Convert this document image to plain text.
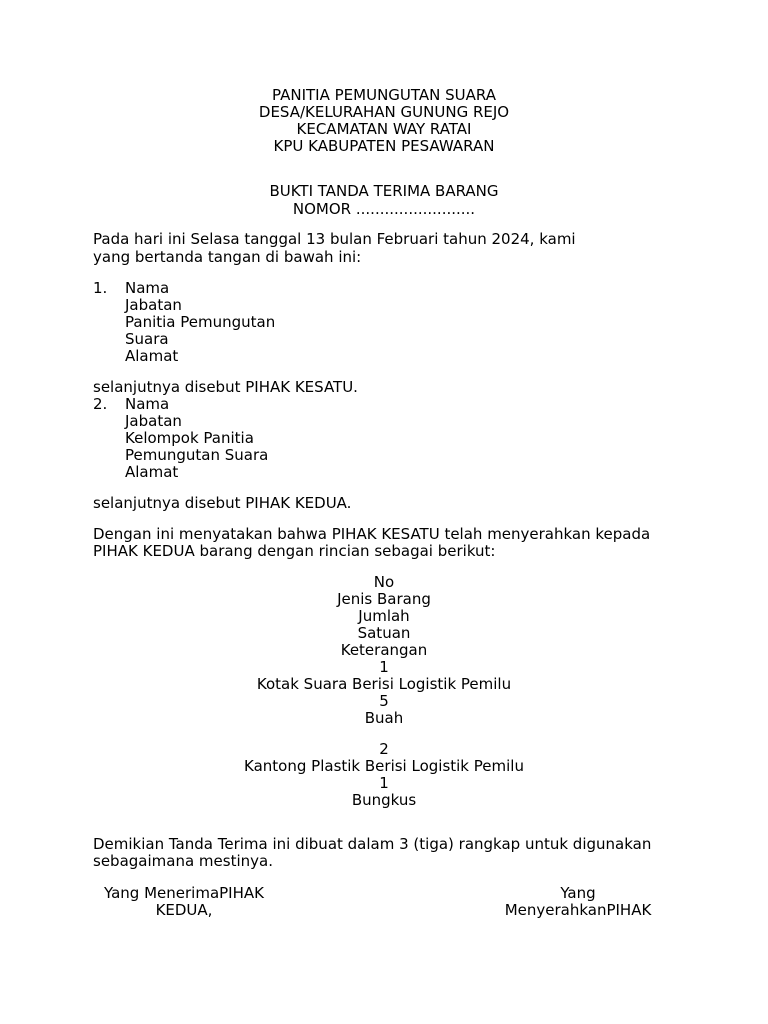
PANITIA PEMUNGUTAN SUARA
DESA/KELURAHAN GUNUNG REJO
KECAMATAN WAY RATAI
KPU KABUPATEN PESAWARAN
BUKTI TANDA TERIMA BARANG
NOMOR .........................
Pada hari ini Selasa tanggal 13 bulan Februari tahun 2024, kami
yang bertanda tangan di bawah ini:
1. Nama
Jabatan
Panitia Pemungutan
Suara
Alamat
selanjutnya disebut PIHAK KESATU.
2. Nama
Jabatan
Kelompok Panitia
Pemungutan Suara
Alamat
selanjutnya disebut PIHAK KEDUA.
Dengan ini menyatakan bahwa PIHAK KESATU telah menyerahkan kepada
PIHAK KEDUA barang dengan rincian sebagai berikut:
No
Jenis Barang
Jumlah
Satuan
Keterangan
1
Kotak Suara Berisi Logistik Pemilu
5
Buah
2
Kantong Plastik Berisi Logistik Pemilu
1
Bungkus
Demikian Tanda Terima ini dibuat dalam 3 (tiga) rangkap untuk digunakan
sebagaimana mestinya.
Yang MenerimaPIHAK
KEDUA,
Yang
MenyerahkanPIHAK
